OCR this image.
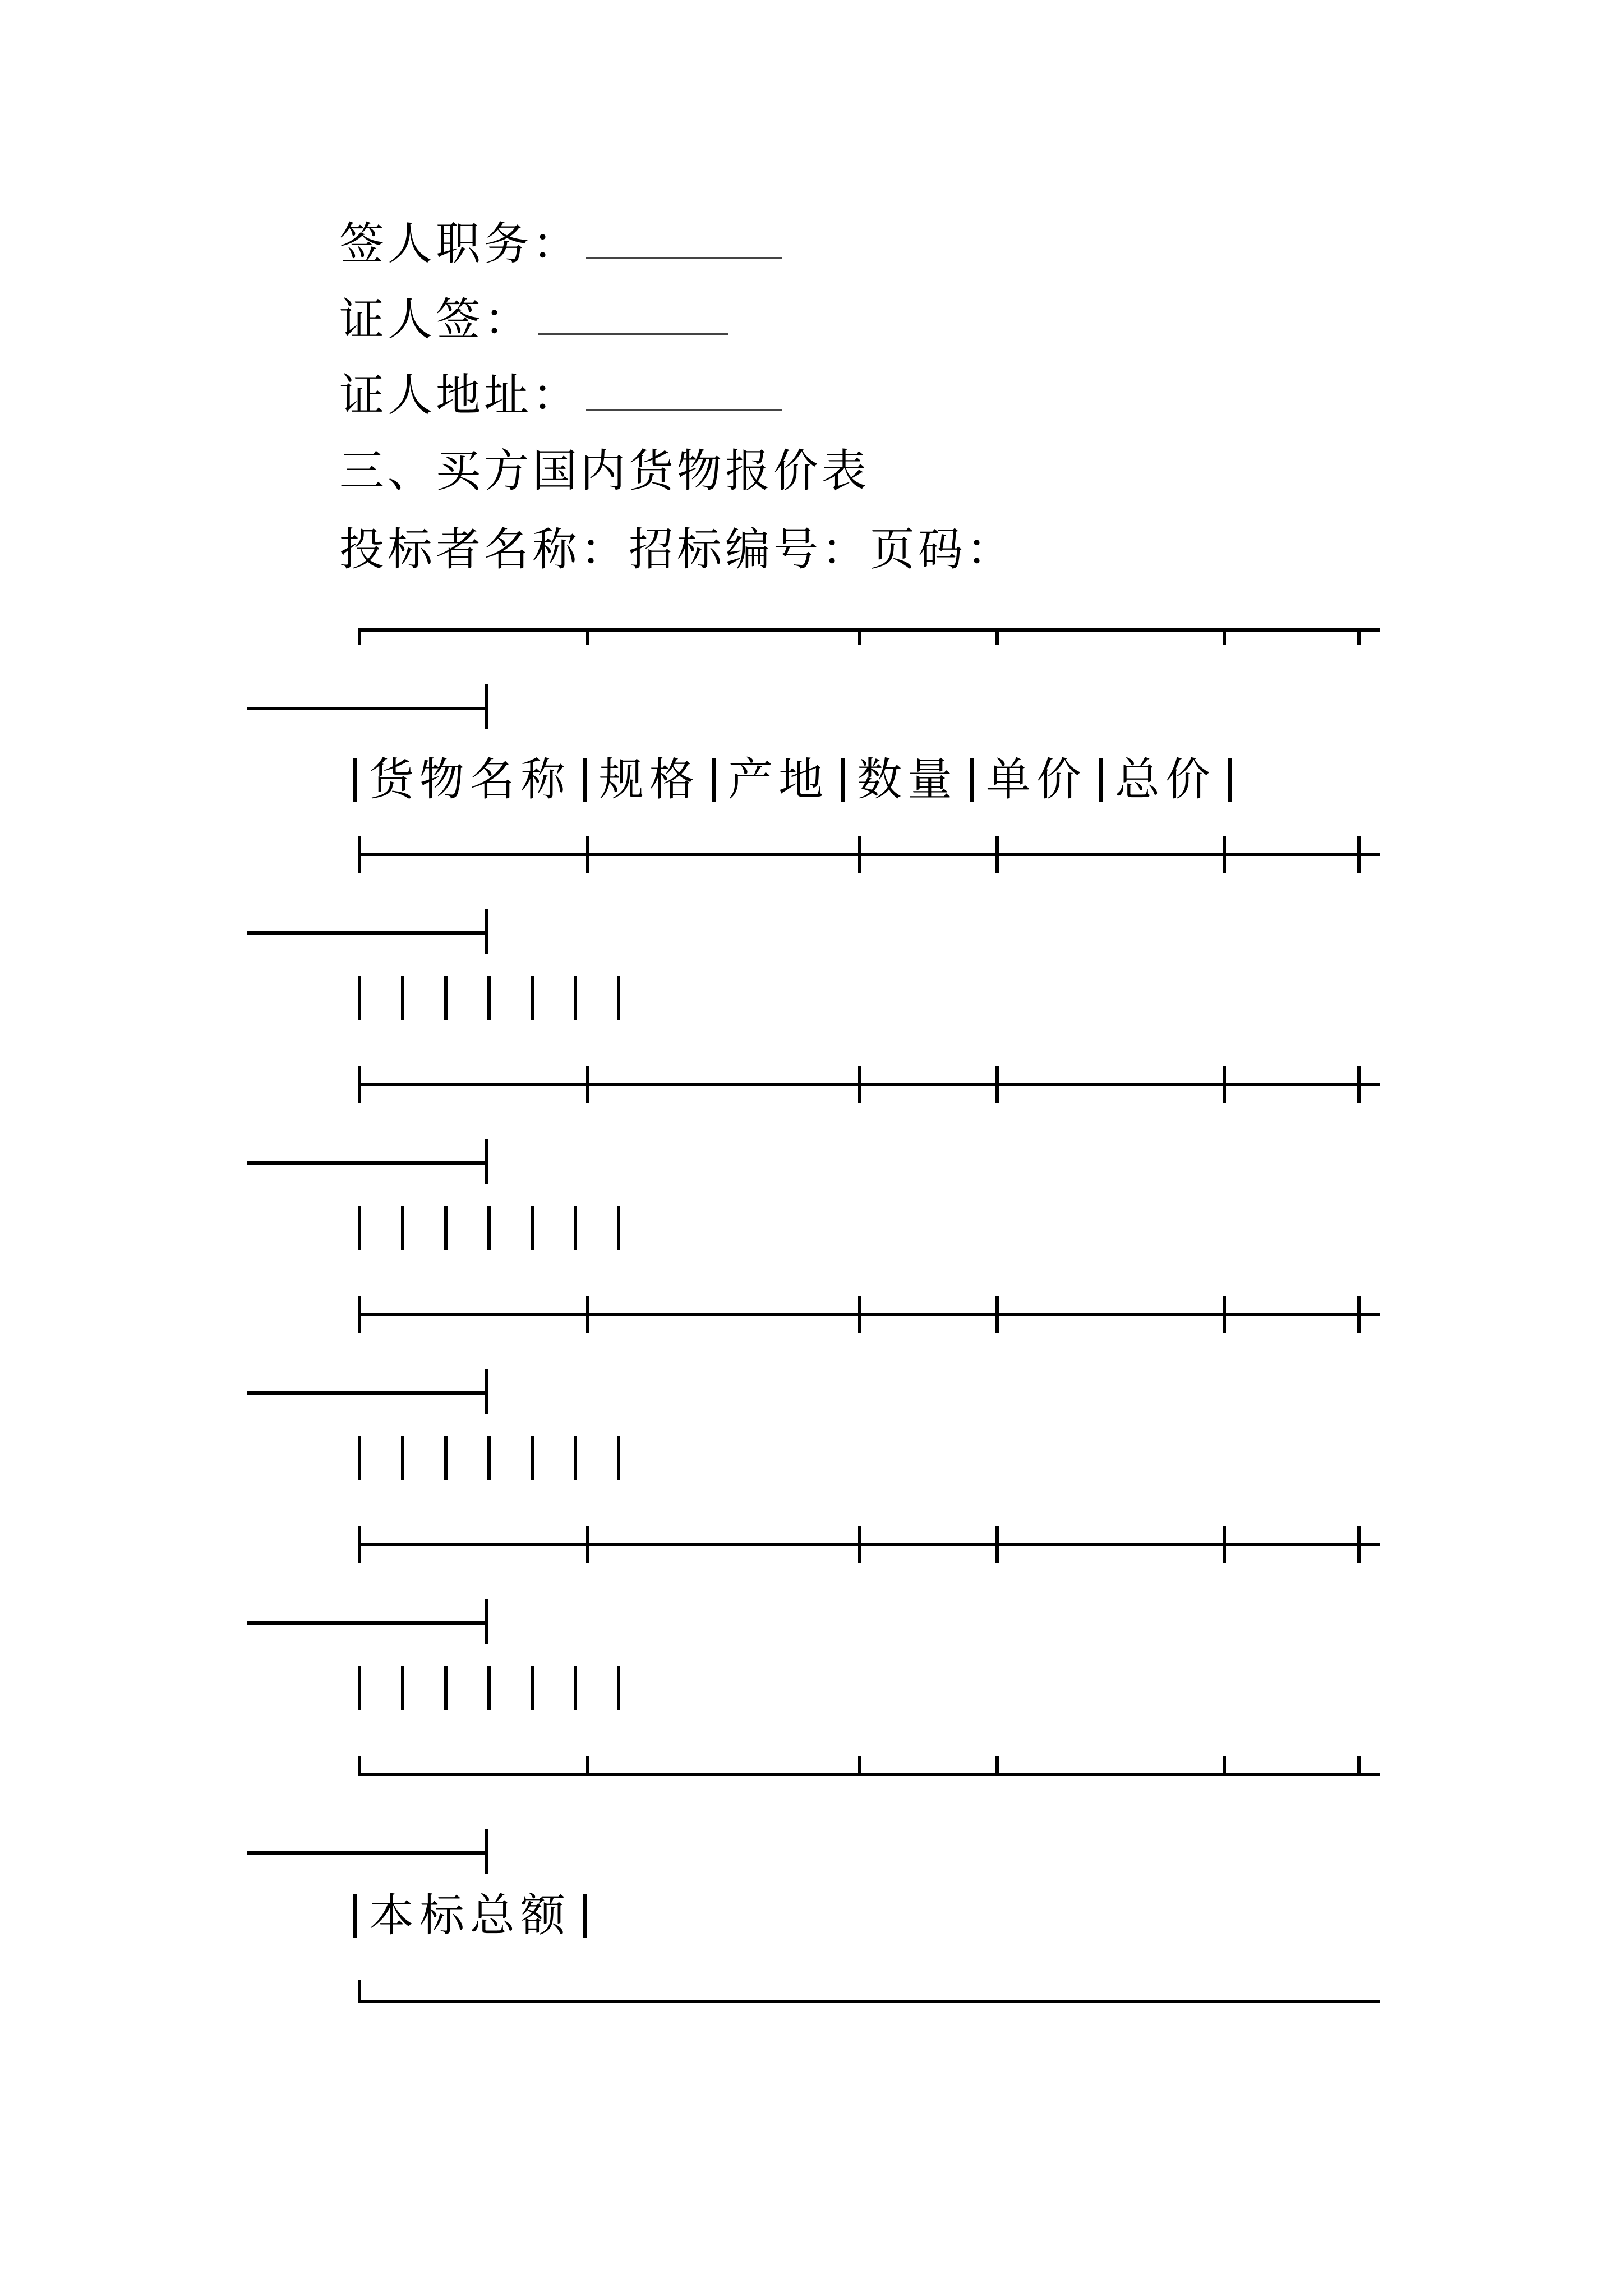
签人职务：
证人签：
证人地址：
三、买方国内货物报价表
投标者名称：招标编号：页码：
货物名称 规格 产地 数量 单价 总价
本标总额
